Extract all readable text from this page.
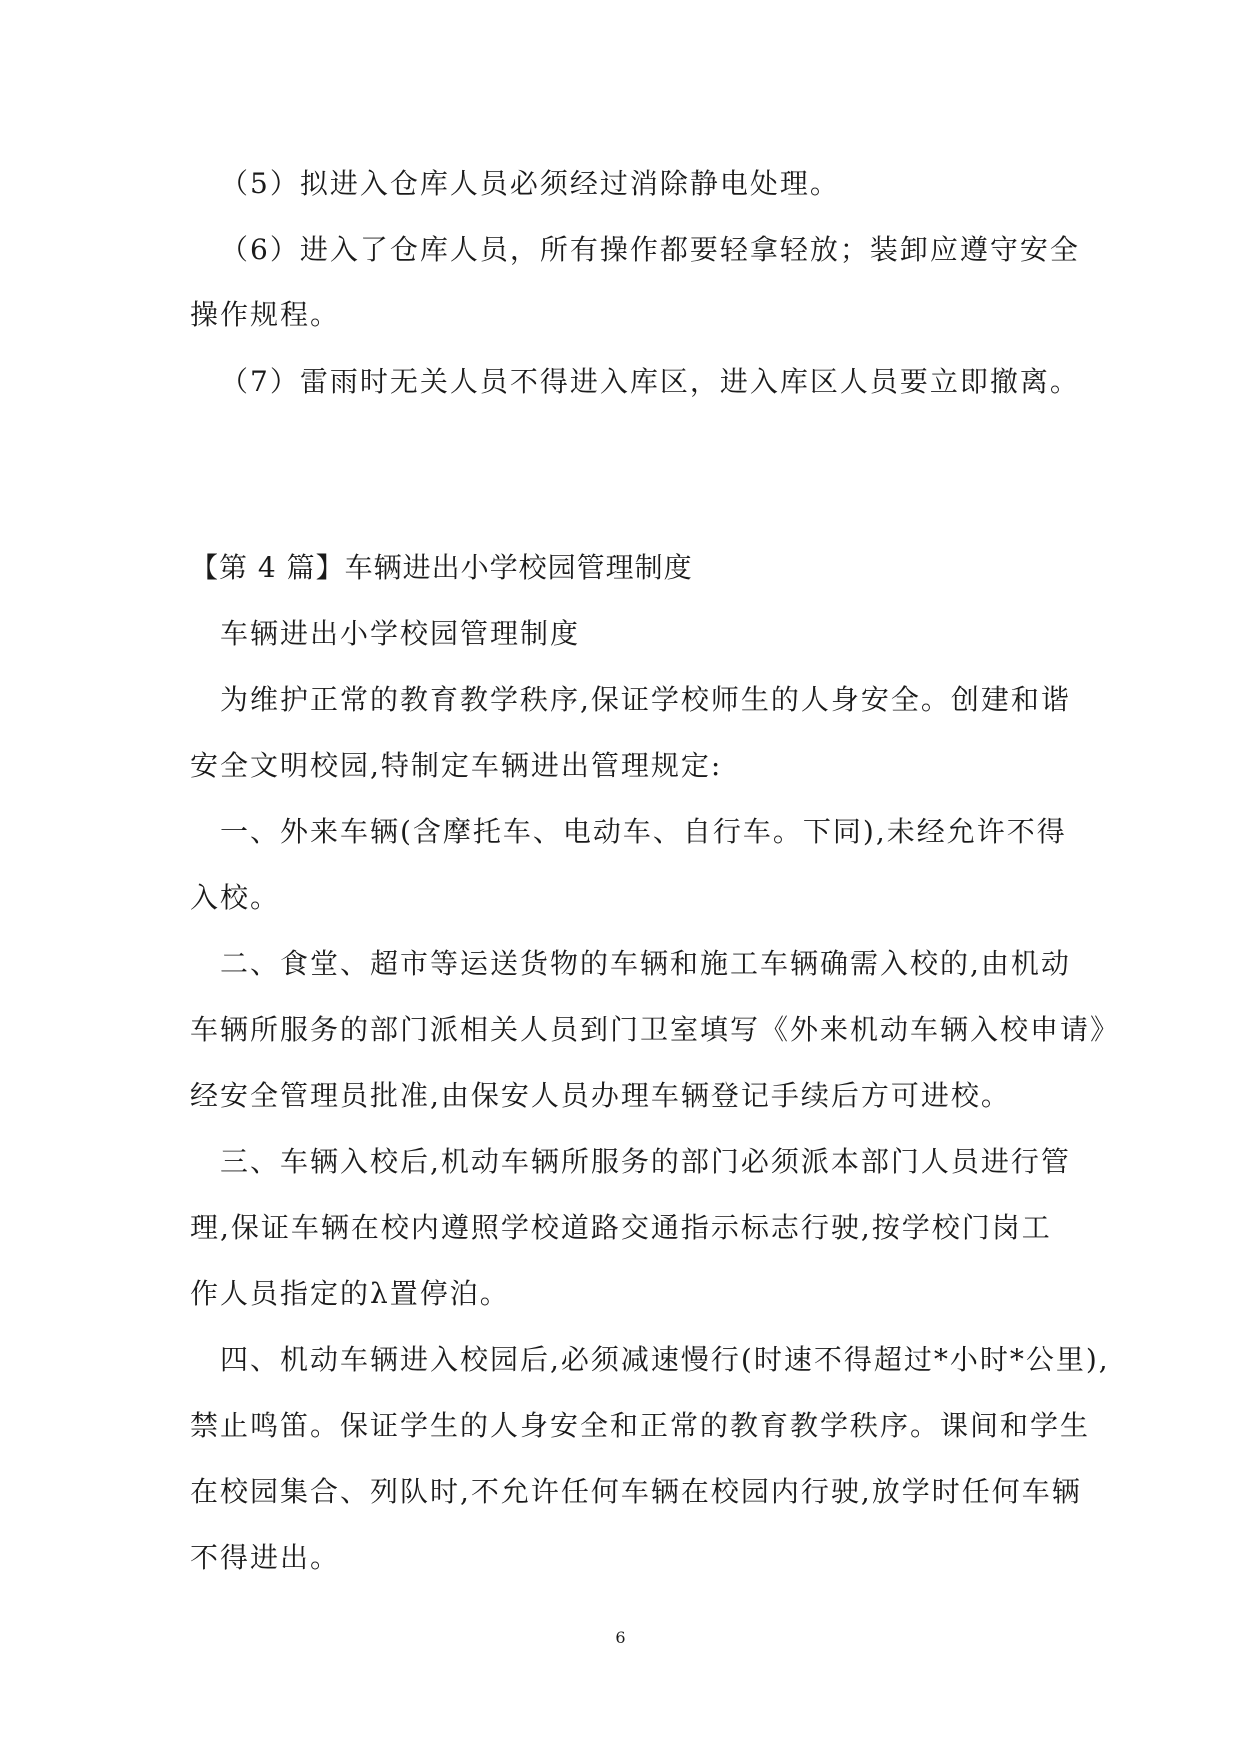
（5）拟进入仓库人员必须经过消除静电处理。
（6）进入了仓库人员，所有操作都要轻拿轻放；装卸应遵守安全
操作规程。
（7）雷雨时无关人员不得进入库区，进入库区人员要立即撤离。
【第 4 篇】车辆进出小学校园管理制度
车辆进出小学校园管理制度
为维护正常的教育教学秩序,保证学校师生的人身安全。创建和谐
安全文明校园,特制定车辆进出管理规定:
一、外来车辆(含摩托车、电动车、自行车。下同),未经允许不得
入校。
二、食堂、超市等运送货物的车辆和施工车辆确需入校的,由机动
车辆所服务的部门派相关人员到门卫室填写《外来机动车辆入校申请》
经安全管理员批准,由保安人员办理车辆登记手续后方可进校。
三、车辆入校后,机动车辆所服务的部门必须派本部门人员进行管
理,保证车辆在校内遵照学校道路交通指示标志行驶,按学校门岗工
作人员指定的λ置停泊。
四、机动车辆进入校园后,必须减速慢行(时速不得超过*小时*公里),
禁止鸣笛。保证学生的人身安全和正常的教育教学秩序。课间和学生
在校园集合、列队时,不允许任何车辆在校园内行驶,放学时任何车辆
不得进出。
6
